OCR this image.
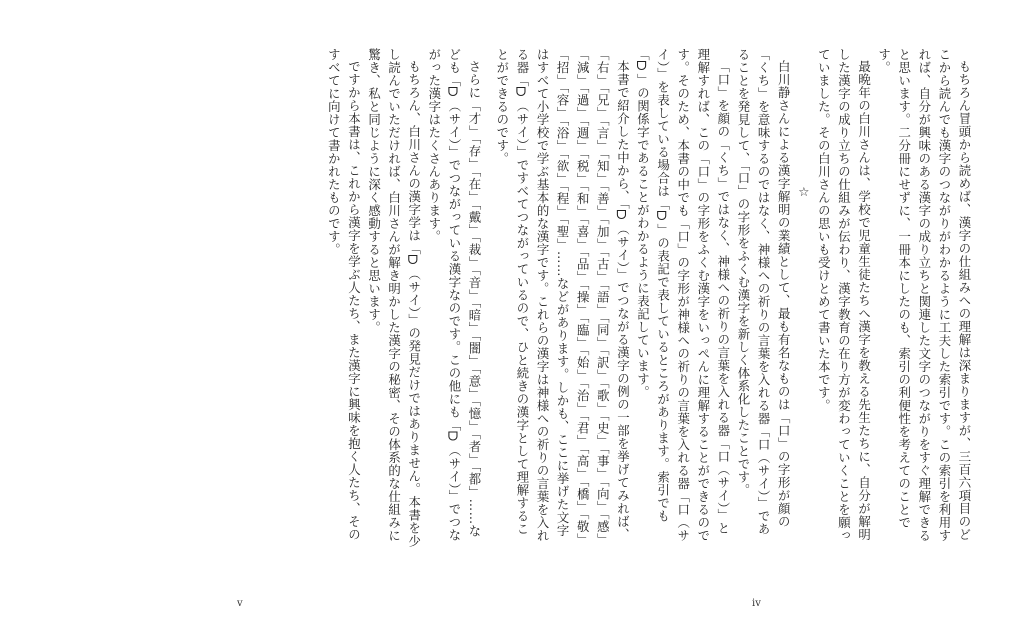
さらに「才」「存」「在」「戴」「裁」「音」「暗」「闇」「意」「憶」「者」「都」……なども「ᗜ（サイ）」でつながっている漢字なのです。この他にも「ᗜ（サイ）」でつながった漢字はたくさんあります。
もちろん、白川さんの漢字学は「ᗜ（サイ）」の発見だけではありません。本書を少し読んでいただければ、白川さんが解き明かした漢字の秘密、その体系的な仕組みに驚き、私と同じように深く感動すると思います。
ですから本書は、これから漢字を学ぶ人たち、また漢字に興味を抱く人たち、そのすべてに向けて書かれたものです。
v
もちろん冒頭から読めば、漢字の仕組みへの理解は深まりますが、三百六項目のどこから読んでも漢字のつながりがわかるように工夫した索引です。この索引を利用すれば、自分が興味のある漢字の成り立ちと関連した文字のつながりをすぐ理解できると思います。二分冊にせずに、一冊本にしたのも、索引の利便性を考えてのことです。
最晩年の白川さんは、学校で児童生徒たちへ漢字を教える先生たちに、自分が解明した漢字の成り立ちの仕組みが伝わり、漢字教育の在り方が変わっていくことを願っていました。その白川さんの思いも受けとめて書いた本です。
☆
白川静さんによる漢字解明の業績として、最も有名なものは「口」の字形が顔の「くち」を意味するのではなく、神様への祈りの言葉を入れる器「口（サイ）」であることを発見して、「口」の字形をふくむ漢字を新しく体系化したことです。
「口」を顔の「くち」ではなく、神様への祈りの言葉を入れる器「口（サイ）」と理解すれば、この「口」の字形をふくむ漢字をいっぺんに理解することができるのです。そのため、本書の中でも「口」の字形が神様への祈りの言葉を入れる器「口（サイ）」を表している場合は「ᗜ」の表記で表しているところがあります。索引でも「ᗜ」の関係字であることがわかるように表記しています。
本書で紹介した中から、「ᗜ（サイ）」でつながる漢字の例の一部を挙げてみれば、「右」「兄」「言」「知」「善」「加」「古」「語」「同」「訳」「歌」「史」「事」「向」「感」「減」「過」「週」「税」「和」「喜」「品」「操」「臨」「始」「治」「君」「高」「橋」「敬」「招」「容」「浴」「欲」「程」「聖」……などがあります。しかも、ここに挙げた文字はすべて小学校で学ぶ基本的な漢字です。これらの漢字は神様への祈りの言葉を入れる器「ᗜ（サイ）」ですべてつながっているので、ひと続きの漢字として理解することができるのです。
iv
